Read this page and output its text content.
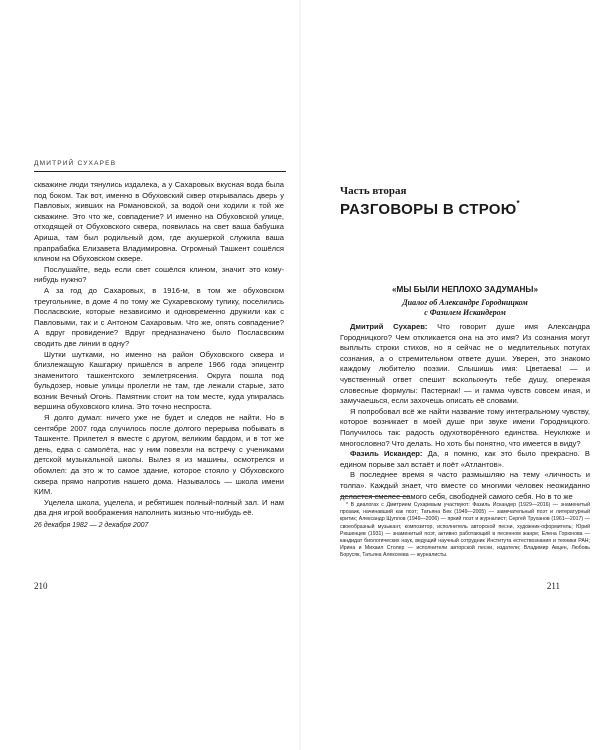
ДМИТРИЙ СУХАРЕВ

скважине люди тянулись издалека, а у Сахаровых вкусная вода была под боком. Так вот, именно в Обуховский сквер открывалась дверь у Павловых, живших на Романовской, за водой они ходили к той же скважине. Это что же, совпадение? И именно на Обуховской улице, отходящей от Обуховского сквера, появилась на свет ваша бабушка Ариша, там был родильный дом, где акушеркой служила ваша прапрабабка Елизавета Владимировна. Огромный Ташкент сошёлся клином на Обуховском сквере.

Послушайте, ведь если свет сошёлся клином, значит это кому-нибудь нужно?

А за год до Сахаровых, в 1916-м, в том же обуховском треугольнике, в доме 4 по тому же Сухаревскому тупику, поселились Посласвские, которые независимо и одновременно дружили как с Павловыми, так и с Антоном Сахаровым. Что же, опять совпадение? А вдруг провидение? Вдруг предназначено было Посласвским сводить две линии в одну?

Шутки шутками, но именно на район Обуховского сквера и близлежащую Кашгарку пришёлся в апреле 1966 года эпицентр знаменитого ташкентского землетрясения. Округа пошла под бульдозер, новые улицы пролегли не там, где лежали старые, зато возник Вечный Огонь. Памятник стоит на том месте, куда упиралась вершина обуховского клина. Это точно неспроста.

Я долго думал: ничего уже не будет и следов не найти. Но в сентябре 2007 года случилось после долгого перерыва побывать в Ташкенте. Прилетел я вместе с другом, великим бардом, и в тот же день, едва с самолёта, нас у ним повезли на встречу с учениками детской музыкальной школы. Вылез я из машины, осмотрелся и обомлел: да это ж то самое здание, которое стояло у Обуховского сквера прямо напротив нашего дома. Называлось — школа имени КИМ.

Уцелела школа, уцелела, и ребятишек полный-полный зал. И нам два дня игрой воображения наполнить жизнью что-нибудь её.

26 декабря 1982 — 2 декабря 2007
210
Часть вторая
РАЗГОВОРЫ В СТРОЮ*
«МЫ БЫЛИ НЕПЛОХО ЗАДУМАНЫ»
Диалог об Александре Городницком
с Фазилем Искандером

Дмитрий Сухарев: Что говорит душе имя Александра Городницкого? Чем откликается она на это имя? Из сознания могут выплыть строки стихов, но я сейчас не о медлительных потугах сознания, а о стремительном ответе души. Уверен, это знакомо каждому любителю поэзии. Слышишь имя: Цветаева! — и чувственный ответ спешит всколыхнуть тебе душу, опережая словесные формулы: Пастернак! — и гамма чувств совсем иная, и замучаешься, если захочешь описать её словами.

Я попробовал всё же найти название тому интегральному чувству, которое возникает в моей душе при звуке имени Городницкого. Получилось так: радость одухотворённого единства. Неуклюже и многословно? Что делать. Но хоть бы понятно, что имеется в виду?

Фазиль Искандер: Да, я помню, как это было прекрасно. В едином порыве зал встаёт и поёт «Атлантов».

В последнее время я часто размышляю на тему «личность и толпа». Каждый знает, что вместе со многими человек неожиданно делается смелее самого себя, свободней самого себя. Но в то же

* В диалогах с Дмитрием Сухаревым участвуют: Фазиль Искандер (1929—2016) — знаменитый прозаик, начинавший как поэт; Татьяна Бек (1949—2005) — замечательный поэт и литературный критик; Александр Щуплов (1949—2006) — яркий поэт и журналист; Сергей Труханов (1961—2017) — своеобразный музыкант, композитор, исполнитель авторской песни, художник-оформитель; Юрий Рюшенцев (1931) — знаменитый поэт, активно работающий в песенном жанре; Елена Горюнова — кандидат биологических наук, ведущий научный сотрудник Института естествознания и техники РАН; Ирина и Михаил Столер — исполнители авторской песни, издатели; Владимир Авцен, Любовь Борусяк, Татьяна Алексеева — журналисты.

211
